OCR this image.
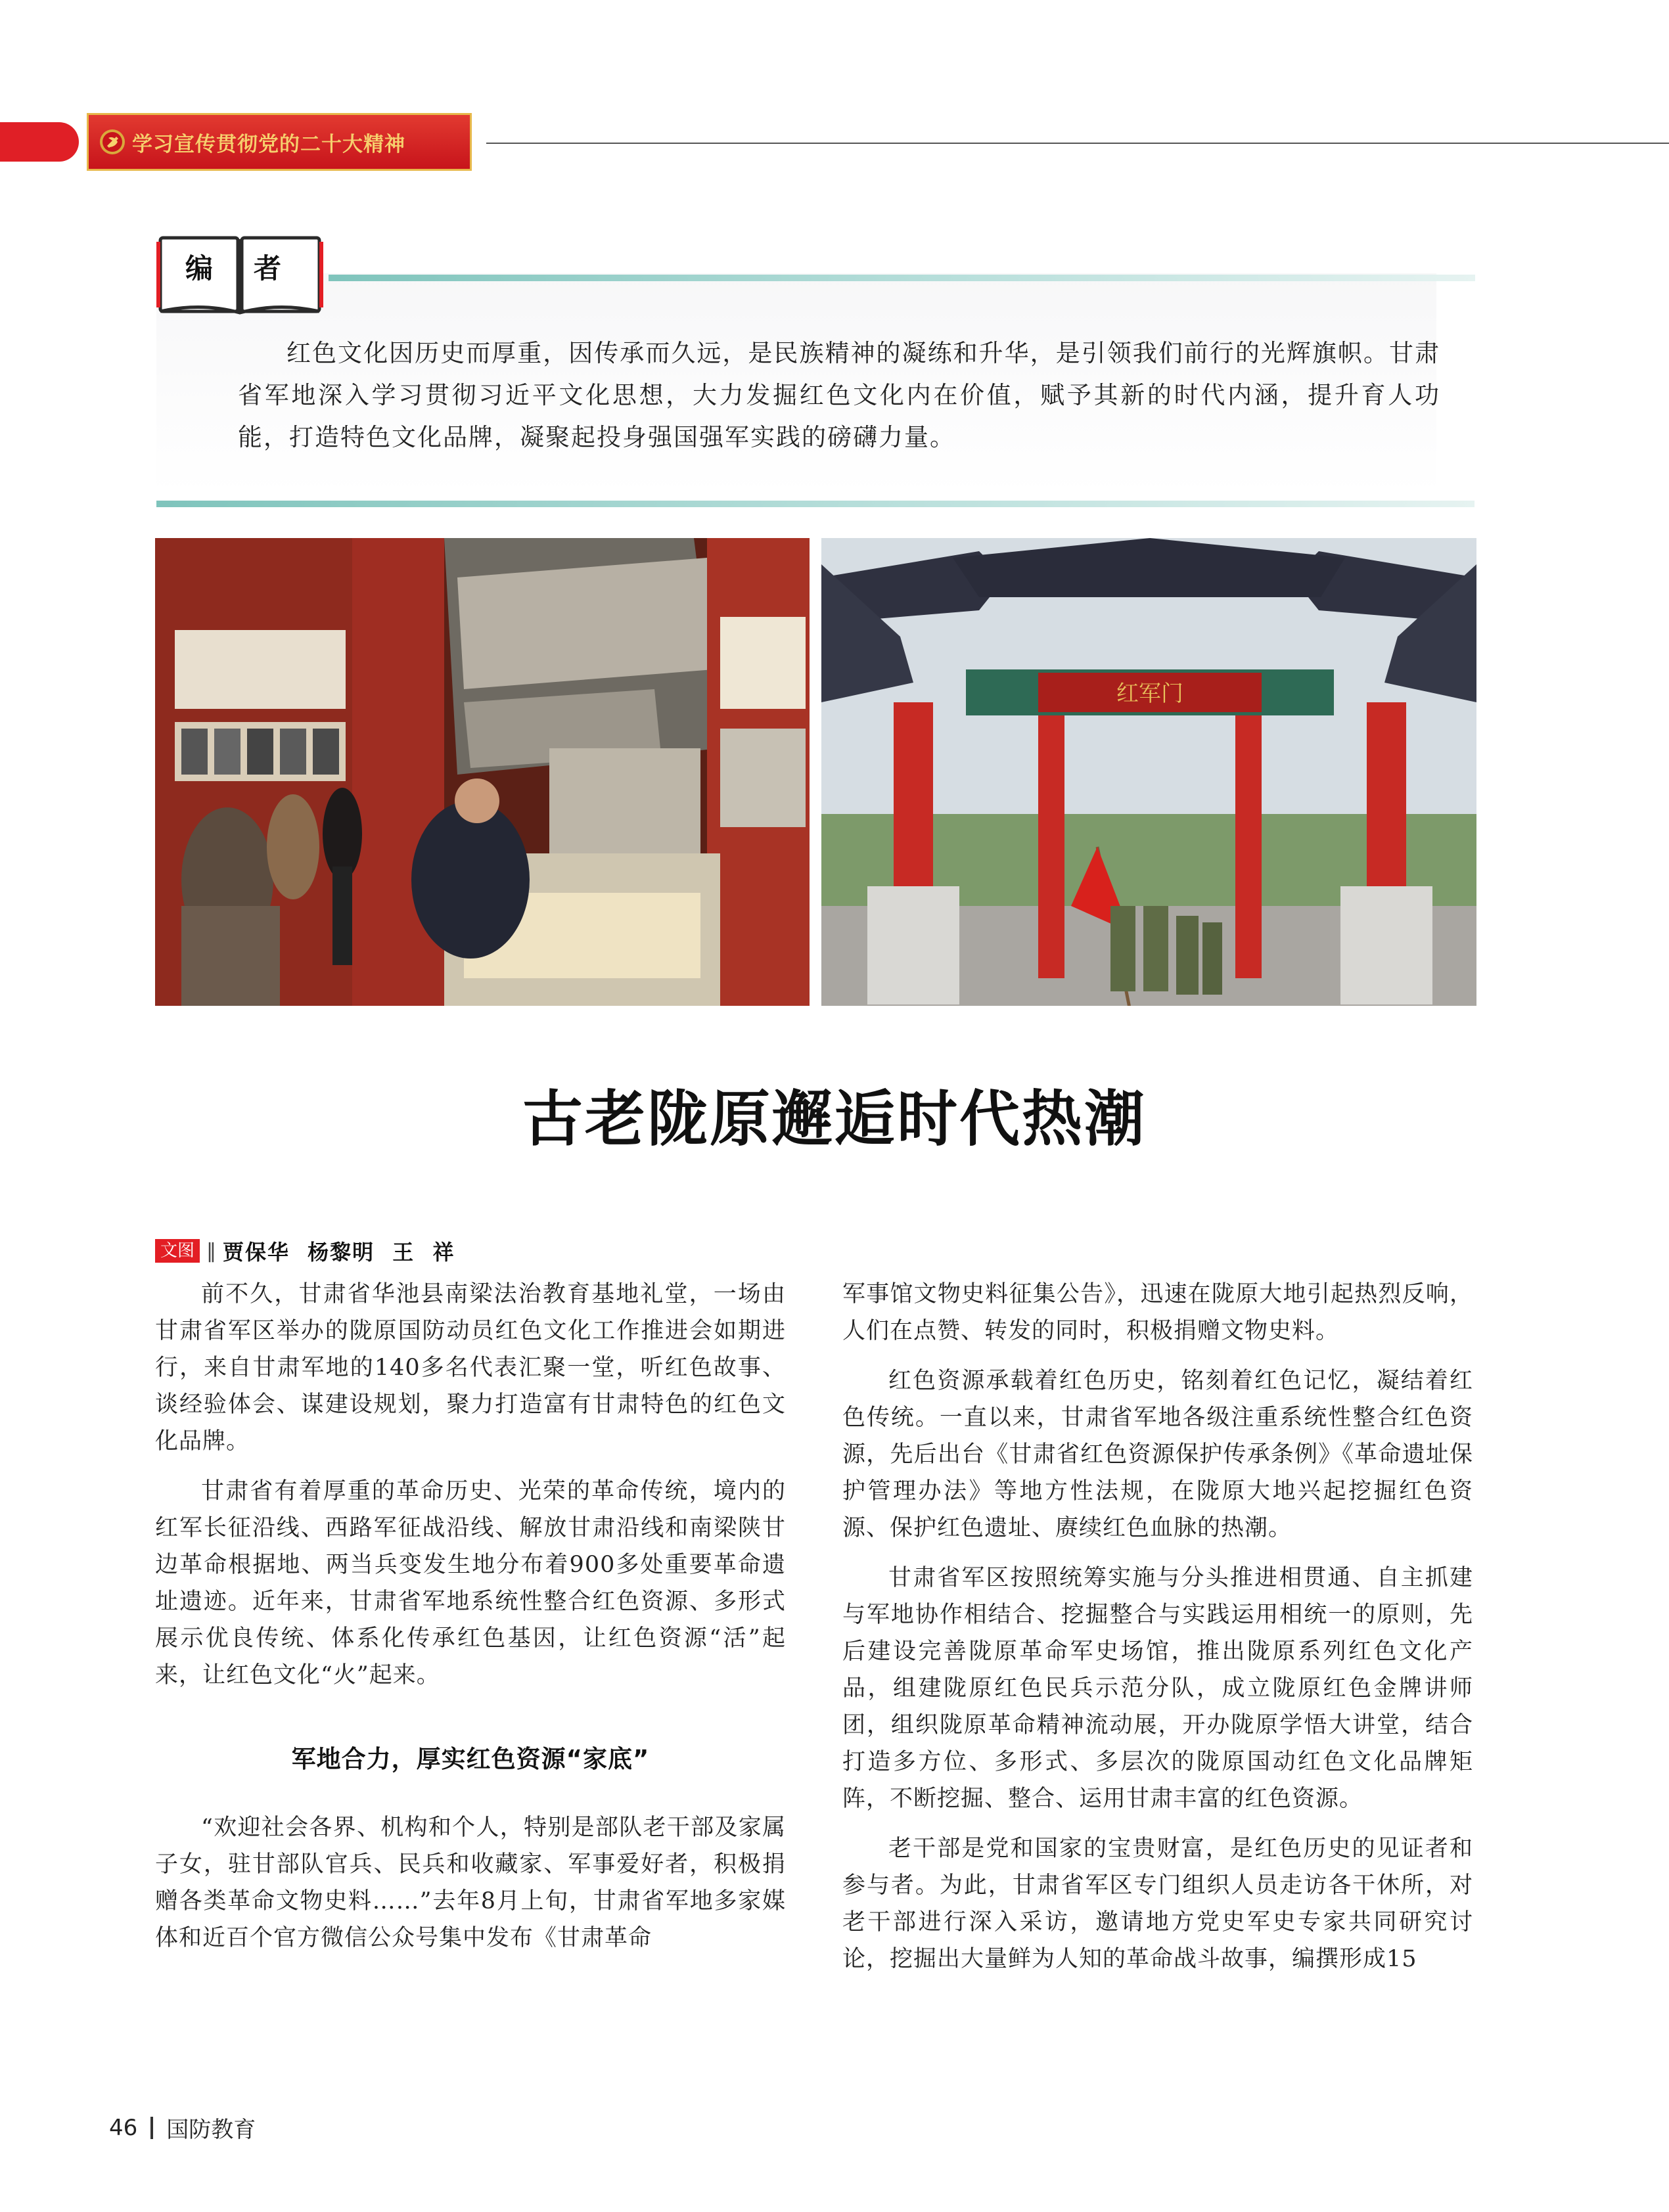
学习宣传贯彻党的二十大精神
编 者
红色文化因历史而厚重，因传承而久远，是民族精神的凝练和升华，是引领我们前行的光辉旗帜。甘肃省军地深入学习贯彻习近平文化思想，大力发掘红色文化内在价值，赋予其新的时代内涵，提升育人功能，打造特色文化品牌，凝聚起投身强国强军实践的磅礴力量。
红军门
古老陇原邂逅时代热潮
文图 ‖ 贾保华 杨黎明 王 祥

前不久，甘肃省华池县南梁法治教育基地礼堂，一场由甘肃省军区举办的陇原国防动员红色文化工作推进会如期进行，来自甘肃军地的140多名代表汇聚一堂，听红色故事、谈经验体会、谋建设规划，聚力打造富有甘肃特色的红色文化品牌。

甘肃省有着厚重的革命历史、光荣的革命传统，境内的红军长征沿线、西路军征战沿线、解放甘肃沿线和南梁陕甘边革命根据地、两当兵变发生地分布着900多处重要革命遗址遗迹。近年来，甘肃省军地系统性整合红色资源、多形式展示优良传统、体系化传承红色基因，让红色资源“活”起来，让红色文化“火”起来。

军地合力，厚实红色资源“家底”

“欢迎社会各界、机构和个人，特别是部队老干部及家属子女，驻甘部队官兵、民兵和收藏家、军事爱好者，积极捐赠各类革命文物史料……”去年8月上旬，甘肃省军地多家媒体和近百个官方微信公众号集中发布《甘肃革命

军事馆文物史料征集公告》，迅速在陇原大地引起热烈反响，人们在点赞、转发的同时，积极捐赠文物史料。

红色资源承载着红色历史，铭刻着红色记忆，凝结着红色传统。一直以来，甘肃省军地各级注重系统性整合红色资源，先后出台《甘肃省红色资源保护传承条例》《革命遗址保护管理办法》等地方性法规，在陇原大地兴起挖掘红色资源、保护红色遗址、赓续红色血脉的热潮。

甘肃省军区按照统筹实施与分头推进相贯通、自主抓建与军地协作相结合、挖掘整合与实践运用相统一的原则，先后建设完善陇原革命军史场馆，推出陇原系列红色文化产品，组建陇原红色民兵示范分队，成立陇原红色金牌讲师团，组织陇原革命精神流动展，开办陇原学悟大讲堂，结合打造多方位、多形式、多层次的陇原国动红色文化品牌矩阵，不断挖掘、整合、运用甘肃丰富的红色资源。

老干部是党和国家的宝贵财富，是红色历史的见证者和参与者。为此，甘肃省军区专门组织人员走访各干休所，对老干部进行深入采访，邀请地方党史军史专家共同研究讨论，挖掘出大量鲜为人知的革命战斗故事，编撰形成15

46 国防教育
